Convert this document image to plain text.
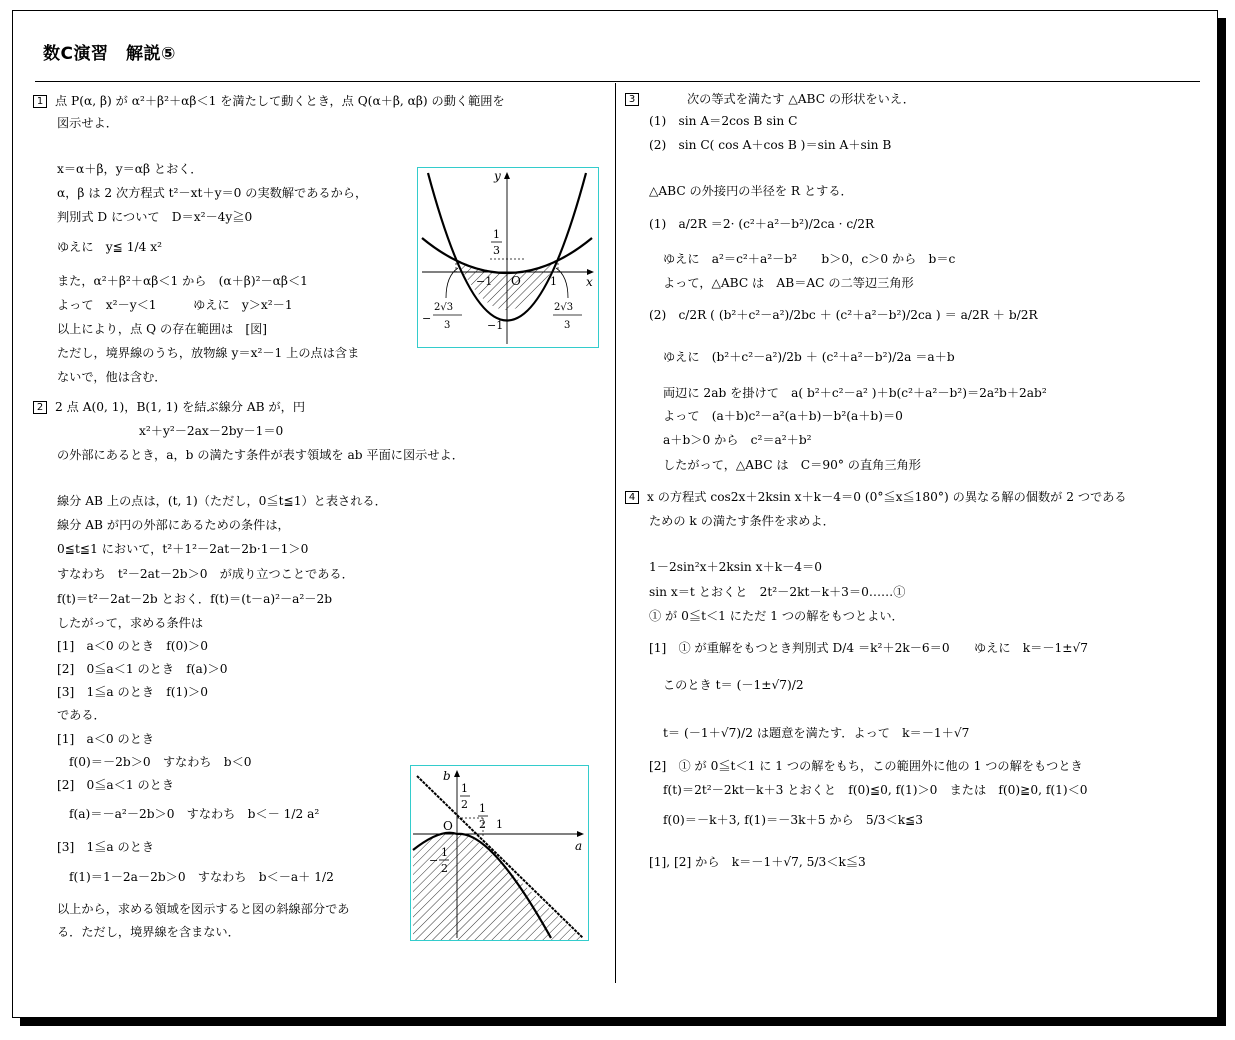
数C演習　解説⑤
1 点 P(α, β) が α²＋β²＋αβ＜1 を満たして動くとき，点 Q(α＋β, αβ) の動く範囲を
図示せよ．
x＝α＋β，y＝αβ とおく．
α，β は 2 次方程式 t²－xt＋y＝0 の実数解であるから，
判別式 D について　D＝x²－4y≧0
ゆえに　y≦ 1/4 x²
また，α²＋β²＋αβ＜1 から　(α＋β)²－αβ＜1
よって　x²－y＜1　　　ゆえに　y＞x²－1
以上により，点 Q の存在範囲は　[図]
ただし，境界線のうち，放物線 y＝x²－1 上の点は含ま
ないで，他は含む．
y
x
1
3
O
−1	1
−1
−
2√3
3
2√3
3
2 2 点 A(0, 1)，B(1, 1) を結ぶ線分 AB が，円
x²＋y²－2ax－2by－1＝0
の外部にあるとき，a，b の満たす条件が表す領域を ab 平面に図示せよ．
線分 AB 上の点は，(t, 1)（ただし，0≦t≦1）と表される．
線分 AB が円の外部にあるための条件は，
0≦t≦1 において，t²＋1²－2at－2b·1－1＞0
すなわち　t²－2at－2b＞0　が成り立つことである．
f(t)＝t²－2at－2b とおく．f(t)＝(t－a)²－a²－2b
したがって，求める条件は
[1]　a＜0 のとき　f(0)＞0
[2]　0≦a＜1 のとき　f(a)＞0
[3]　1≦a のとき　f(1)＞0
である．
[1]　a＜0 のとき
f(0)＝－2b＞0　すなわち　b＜0
[2]　0≦a＜1 のとき
f(a)＝－a²－2b＞0　すなわち　b＜－ 1/2 a²
[3]　1≦a のとき
f(1)＝1－2a－2b＞0　すなわち　b＜－a＋ 1/2
以上から，求める領域を図示すると図の斜線部分であ
る．ただし，境界線を含まない．
b
a
1
2 1
2 1
O
−
1
2
3	次の等式を満たす △ABC の形状をいえ．
(1)　sin A＝2cos B sin C
(2)　sin C( cos A＋cos B )＝sin A＋sin B
△ABC の外接円の半径を R とする．
(1)　a/2R ＝2· (c²＋a²－b²)/2ca · c/2R
ゆえに　a²＝c²＋a²－b²　　b＞0，c＞0 から　b＝c
よって，△ABC は　AB＝AC の二等辺三角形
(2)　c/2R ( (b²＋c²－a²)/2bc ＋ (c²＋a²－b²)/2ca ) ＝ a/2R ＋ b/2R
ゆえに　(b²＋c²－a²)/2b ＋ (c²＋a²－b²)/2a ＝a＋b
両辺に 2ab を掛けて　a( b²＋c²－a² )＋b(c²＋a²－b²)＝2a²b＋2ab²
よって　(a＋b)c²－a²(a＋b)－b²(a＋b)＝0
a＋b＞0 から　c²＝a²＋b²
したがって，△ABC は　C＝90° の直角三角形
4 x の方程式 cos2x＋2ksin x＋k－4＝0 (0°≦x≦180°) の異なる解の個数が 2 つである
ための k の満たす条件を求めよ．
1－2sin²x＋2ksin x＋k－4＝0
sin x＝t とおくと　2t²－2kt－k＋3＝0……①
① が 0≦t＜1 にただ 1 つの解をもつとよい．
[1]　① が重解をもつとき判別式 D/4 ＝k²＋2k－6＝0　　ゆえに　k＝－1±√7
このとき t＝ (－1±√7)/2
t＝ (－1＋√7)/2 は題意を満たす．よって　k＝－1＋√7
[2]　① が 0≦t＜1 に 1 つの解をもち，この範囲外に他の 1 つの解をもつとき
f(t)＝2t²－2kt－k＋3 とおくと　f(0)≦0, f(1)＞0　または　f(0)≧0, f(1)＜0
f(0)＝－k＋3, f(1)＝－3k＋5 から　5/3＜k≦3
[1], [2] から　k＝－1＋√7, 5/3＜k≦3
